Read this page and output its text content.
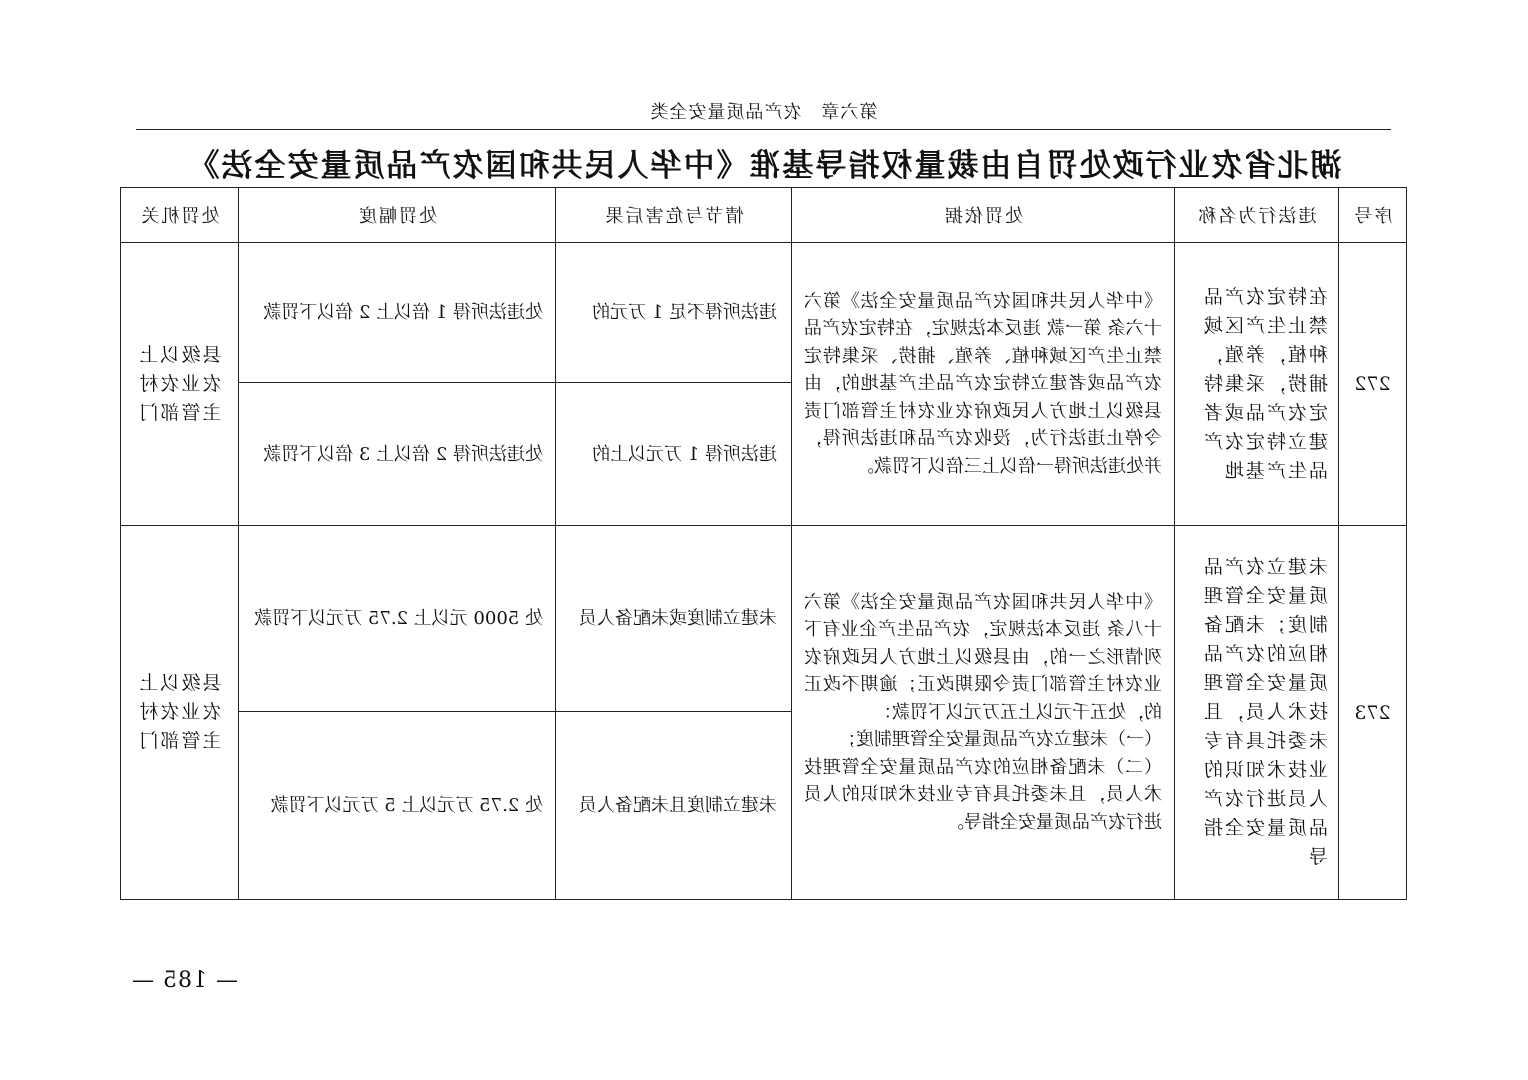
第六章　农产品质量安全类
湖北省农业行政处罚自由裁量权指导基准《中华人民共和国农产品质量安全法》
序号	违法行为名称	处罚依据	情节与危害后果	处罚幅度	处罚机关
272	在特定农产品禁止生产区域种植，养殖，捕捞，采集特定农产品或者建立特定农产品生产基地	《中华人民共和国农产品质量安全法》第六十六条 第一款 违反本法规定，在特定农产品禁止生产区域种植、养殖、捕捞、采集特定农产品或者建立特定农产品生产基地的，由县级以上地方人民政府农业农村主管部门责令停止违法行为，没收农产品和违法所得，并处违法所得一倍以上三倍以下罚款。	违法所得不足 1 万元的	处违法所得 1 倍以上 2 倍以下罚款	县级以上
农业农村
主管部门

			违法所得 1 万元以上的	处违法所得 2 倍以上 3 倍以下罚款	
273	未建立农产品质量安全管理制度；未配备相应的农产品质量安全管理技术人员，且未委托具有专业技术知识的人员进行农产品质量安全指导	《中华人民共和国农产品质量安全法》第六十八条 违反本法规定，农产品生产企业有下列情形之一的，由县级以上地方人民政府农业农村主管部门责令限期改正；逾期不改正的，处五千元以上五万元以下罚款：
（一）未建立农产品质量安全管理制度；
（二）未配备相应的农产品质量安全管理技术人员，且未委托具有专业技术知识的人员进行农产品质量安全指导。	未建立制度或未配备人员	处 5000 元以上 2.75 万元以下罚款	县级以上
农业农村
主管部门

			未建立制度且未配备人员	处 2.75 万元以上 5 万元以下罚款	
— 185 —
